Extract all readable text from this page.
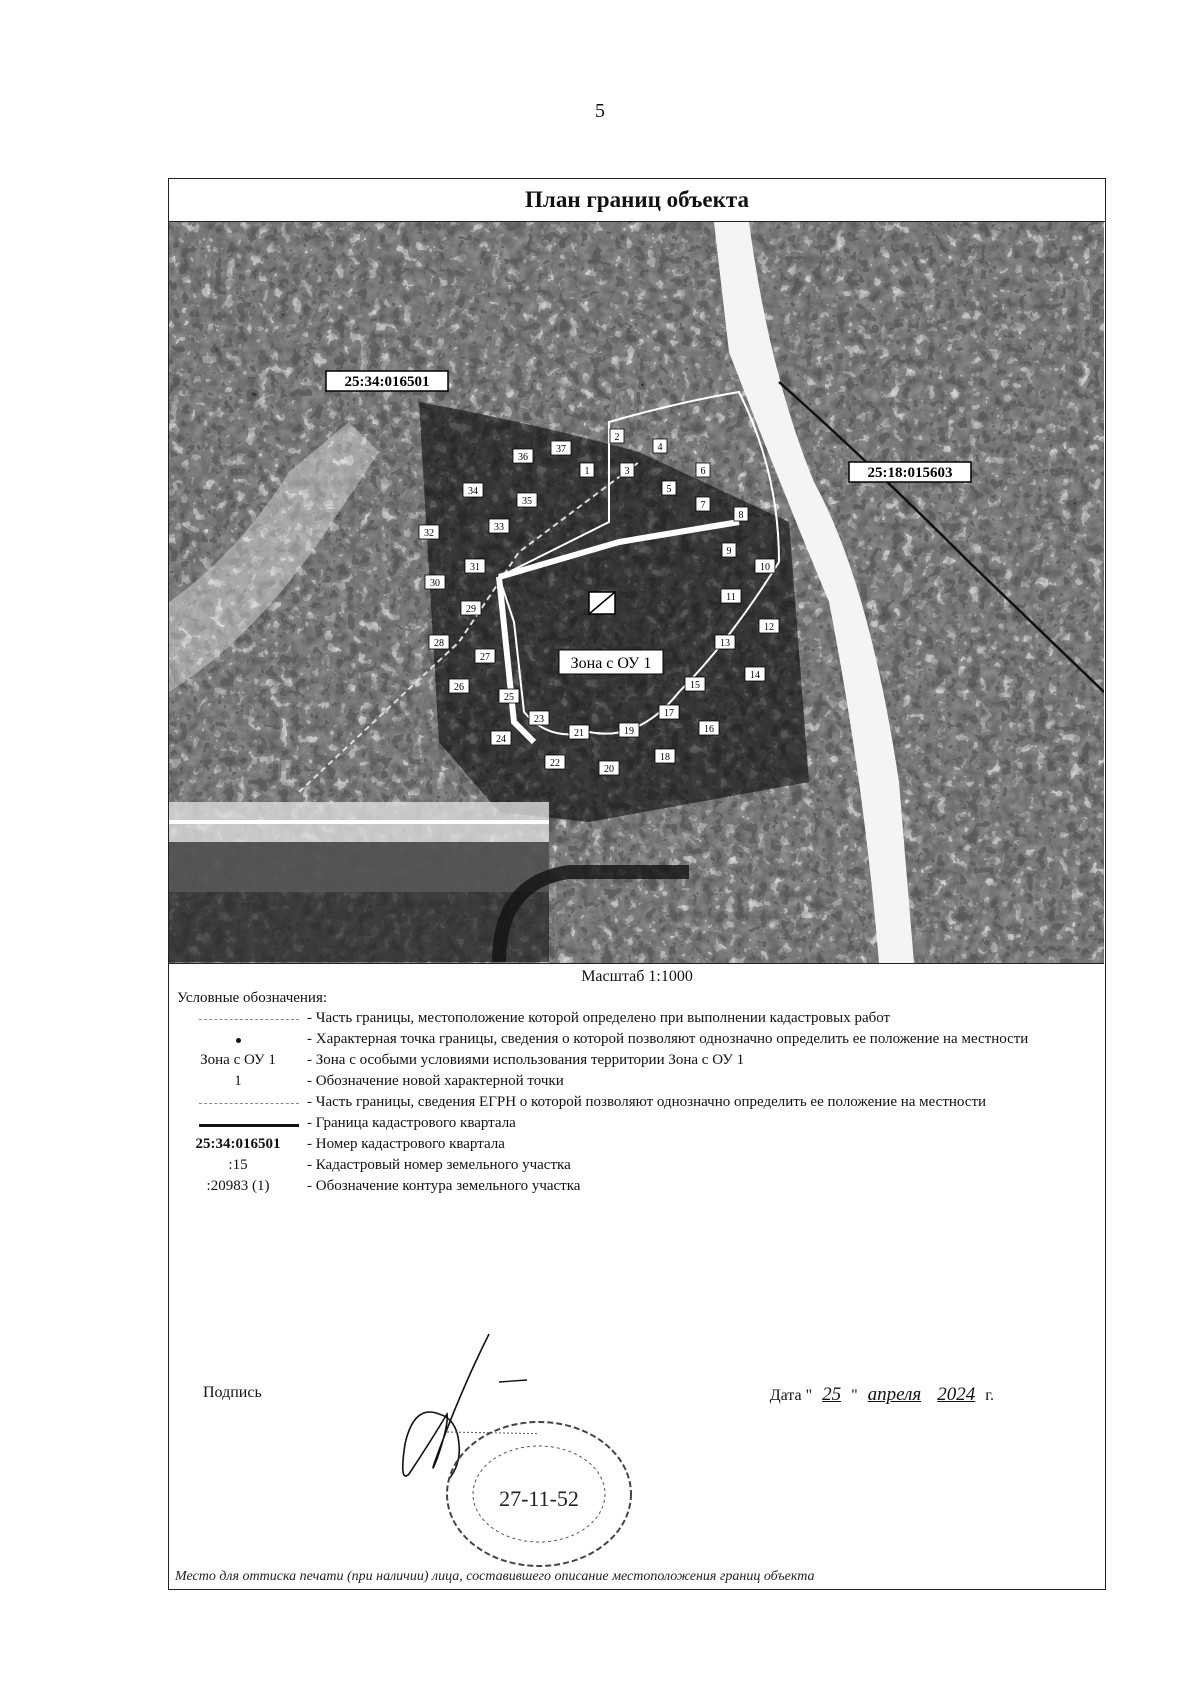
5
План границ объекта
25:34:016501
25:18:015603
Зона с ОУ 1
1
2
3
4
5
6
7
8
9
10
11
12
13
14
15
16
17
18
19
20
21
22
23
24
25
26
27
28
29
30
31
32
33
34
35
36
37
Масштаб 1:1000
Условные обозначения:
- Часть границы, местоположение которой определено при выполнении кадастровых работ
- Характерная точка границы, сведения о которой позволяют однозначно определить ее положение на местности
Зона с ОУ 1	- Зона с особыми условиями использования территории Зона с ОУ 1
1	- Обозначение новой характерной точки
- Часть границы, сведения ЕГРН о которой позволяют однозначно определить ее положение на местности
- Граница кадастрового квартала
25:34:016501	- Номер кадастрового квартала
:15	- Кадастровый номер земельного участка
:20983 (1)	- Обозначение контура земельного участка
Подпись	Дата " 25 " апреля 2024 г.
27-11-52
Место для оттиска печати (при наличии) лица, составившего описание местоположения границ объекта
